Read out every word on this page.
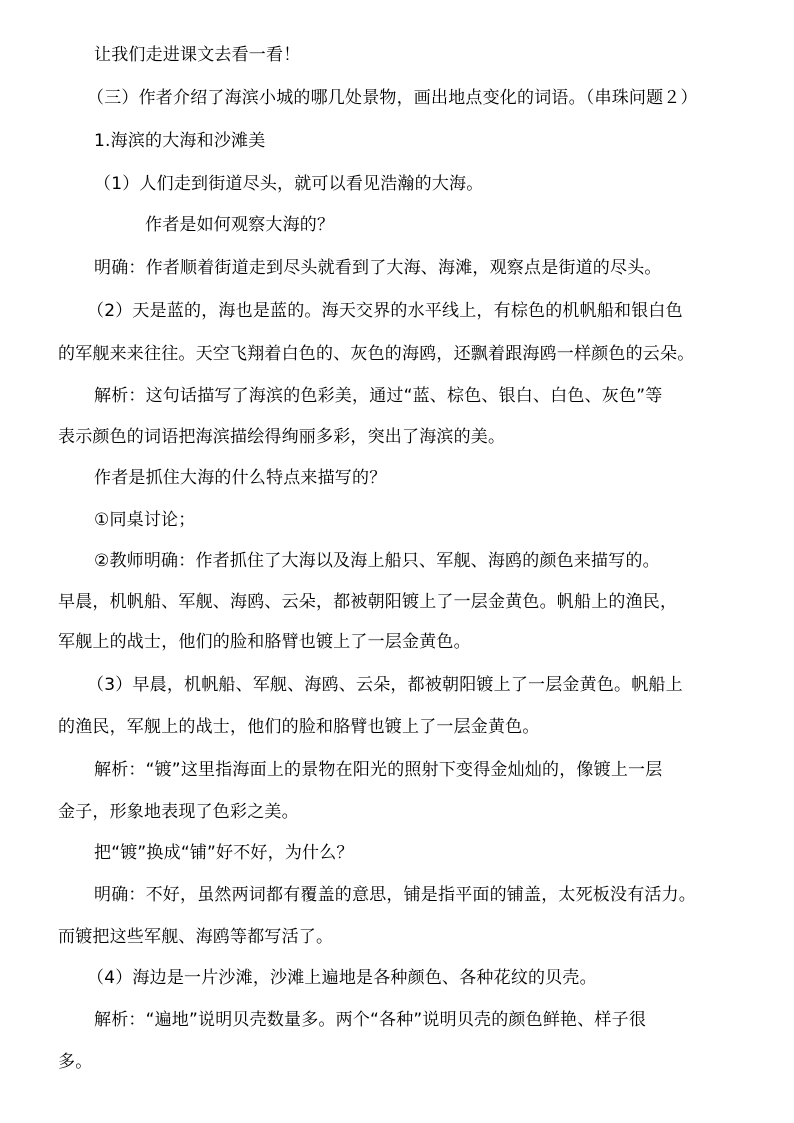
让我们走进课文去看一看！
（三）作者介绍了海滨小城的哪几处景物，画出地点变化的词语。（串珠问题２）
1.海滨的大海和沙滩美
（1）人们走到街道尽头，就可以看见浩瀚的大海。
作者是如何观察大海的？
明确：作者顺着街道走到尽头就看到了大海、海滩，观察点是街道的尽头。
（2）天是蓝的，海也是蓝的。海天交界的水平线上，有棕色的机帆船和银白色
的军舰来来往往。天空飞翔着白色的、灰色的海鸥，还飘着跟海鸥一样颜色的云朵。
解析：这句话描写了海滨的色彩美，通过“蓝、棕色、银白、白色、灰色”等
表示颜色的词语把海滨描绘得绚丽多彩，突出了海滨的美。
作者是抓住大海的什么特点来描写的？
①同桌讨论；
②教师明确：作者抓住了大海以及海上船只、军舰、海鸥的颜色来描写的。
早晨，机帆船、军舰、海鸥、云朵，都被朝阳镀上了一层金黄色。帆船上的渔民，
军舰上的战士，他们的脸和胳臂也镀上了一层金黄色。
（3）早晨，机帆船、军舰、海鸥、云朵，都被朝阳镀上了一层金黄色。帆船上
的渔民，军舰上的战士，他们的脸和胳臂也镀上了一层金黄色。
解析：“镀”这里指海面上的景物在阳光的照射下变得金灿灿的，像镀上一层
金子，形象地表现了色彩之美。
把“镀”换成“铺”好不好，为什么？
明确：不好，虽然两词都有覆盖的意思，铺是指平面的铺盖，太死板没有活力。
而镀把这些军舰、海鸥等都写活了。
（4）海边是一片沙滩，沙滩上遍地是各种颜色、各种花纹的贝壳。
解析：“遍地”说明贝壳数量多。两个“各种”说明贝壳的颜色鲜艳、样子很
多。
